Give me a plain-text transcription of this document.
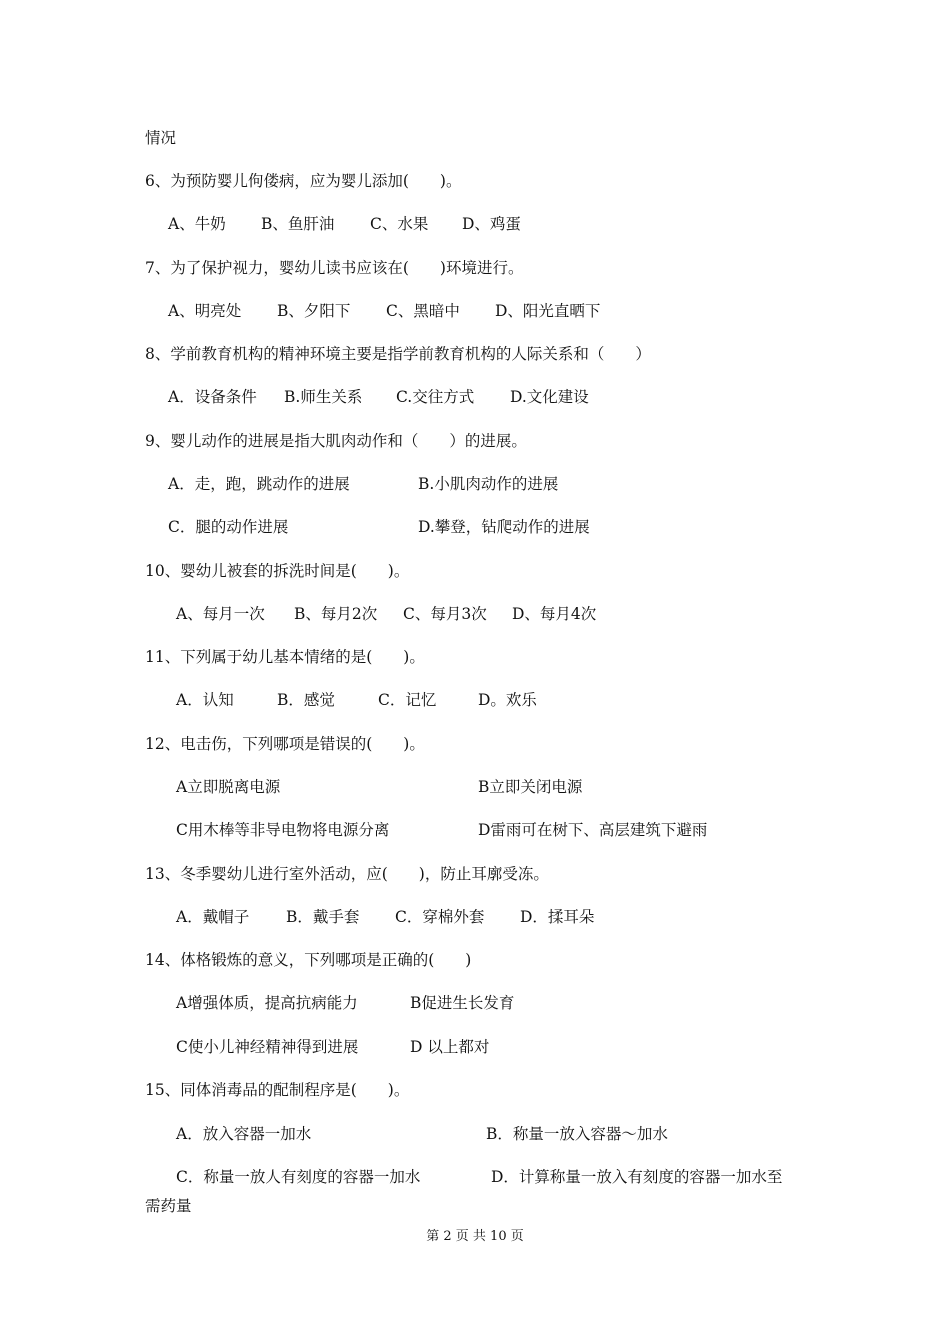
情况
6、为预防婴儿佝偻病，应为婴儿添加(　　)。
A、牛奶 B、鱼肝油 C、水果 D、鸡蛋
7、为了保护视力，婴幼儿读书应该在(　　)环境进行。
A、明亮处 B、夕阳下 C、黑暗中 D、阳光直晒下
8、学前教育机构的精神环境主要是指学前教育机构的人际关系和（　　）
A．设备条件 B.师生关系 C.交往方式 D.文化建设
9、婴儿动作的进展是指大肌肉动作和（　　）的进展。
A．走，跑，跳动作的进展	B.小肌肉动作的进展
C．腿的动作进展	D.攀登，钻爬动作的进展
10、婴幼儿被套的拆洗时间是(　　)。
A、每月一次 B、每月2次 C、每月3次 D、每月4次
11、下列属于幼儿基本情绪的是(　　)。
A．认知	B．感觉	C．记忆	D。欢乐
12、电击伤，下列哪项是错误的(　　)。
A立即脱离电源	B立即关闭电源
C用木棒等非导电物将电源分离	D雷雨可在树下、高层建筑下避雨
13、冬季婴幼儿进行室外活动，应(　　)，防止耳廓受冻。
A．戴帽子 B．戴手套 C．穿棉外套 D．揉耳朵
14、体格锻炼的意义，下列哪项是正确的(　　)
A增强体质，提高抗病能力	B促进生长发育
C使小儿神经精神得到进展	D 以上都对
15、同体消毒品的配制程序是(　　)。
A．放入容器一加水	B．称量一放入容器～加水
C．称量一放人有刻度的容器一加水	D．计算称量一放入有刻度的容器一加水至
需药量
第 2 页 共 10 页
